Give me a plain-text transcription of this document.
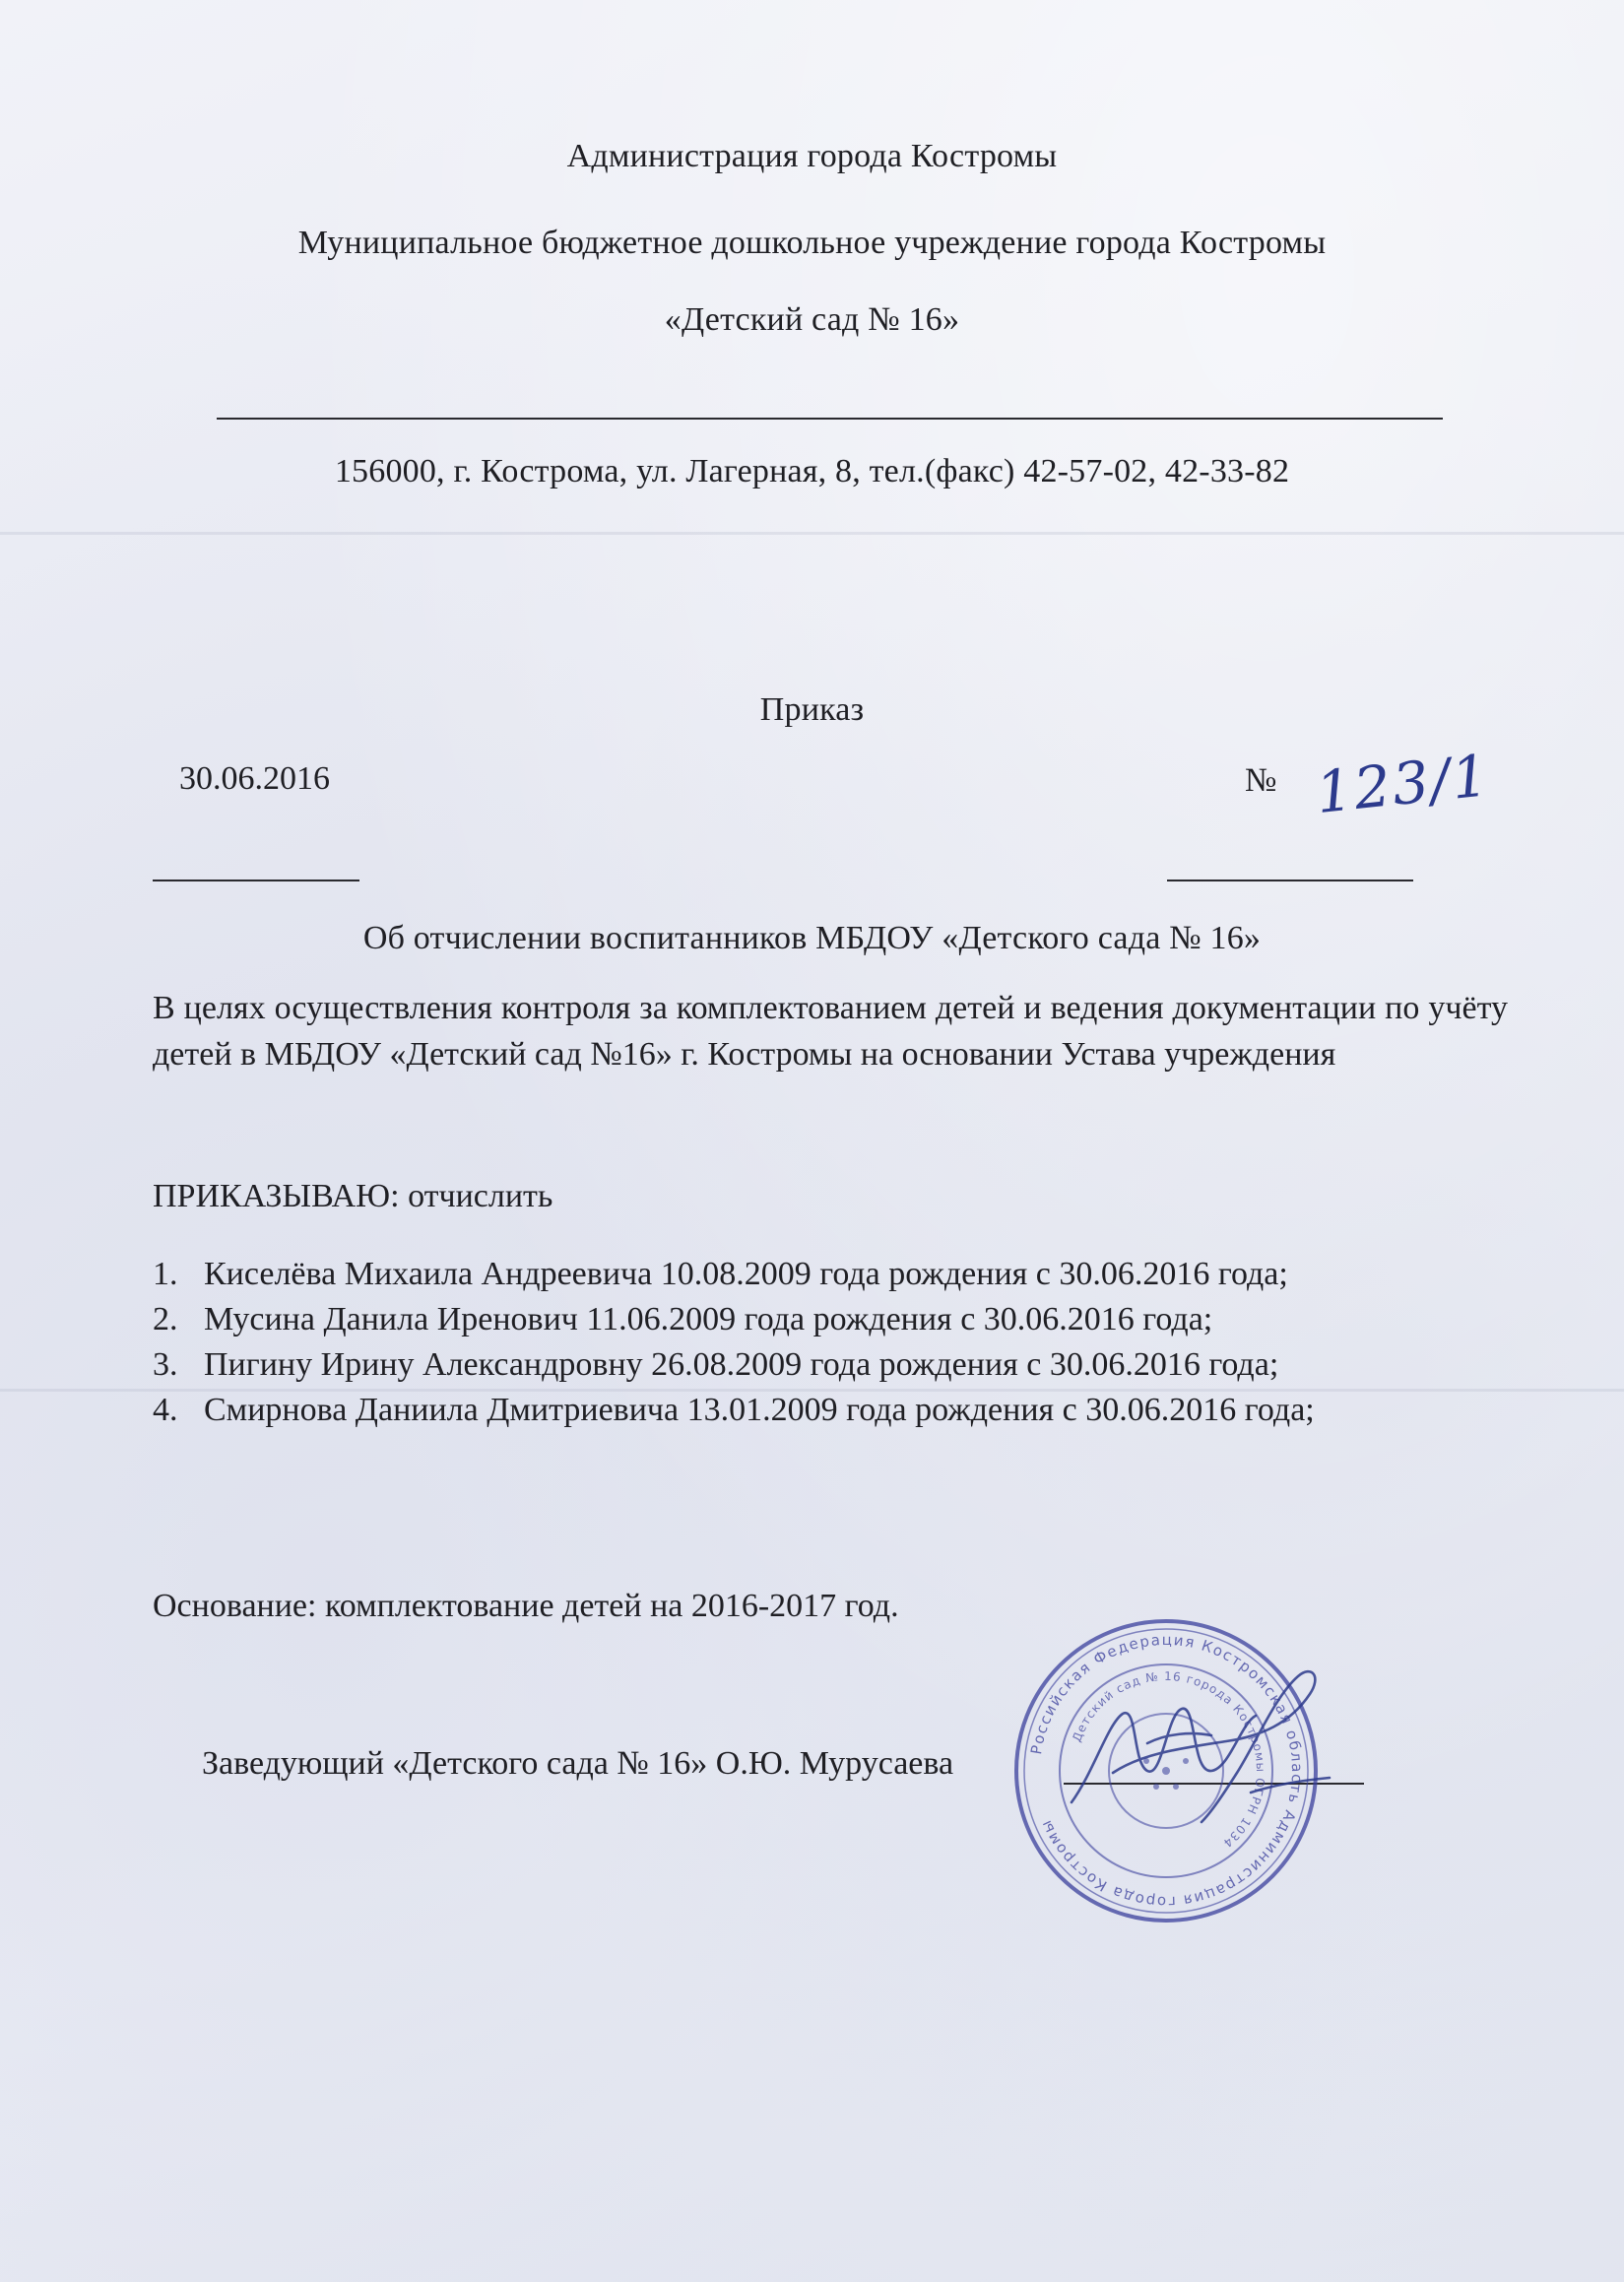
Администрация города Костромы
Муниципальное бюджетное дошкольное учреждение города Костромы
«Детский сад № 16»
156000, г. Кострома, ул. Лагерная, 8, тел.(факс) 42-57-02, 42-33-82
Приказ
30.06.2016	№ 123/1
Об отчислении воспитанников МБДОУ «Детского сада № 16»
В целях осуществления контроля за комплектованием детей и ведения документации по учёту детей в МБДОУ «Детский сад №16» г. Костромы на основании Устава учреждения
ПРИКАЗЫВАЮ: отчислить
1. Киселёва Михаила Андреевича 10.08.2009 года рождения с 30.06.2016 года;
2. Мусина Данила Иренович 11.06.2009 года рождения с 30.06.2016 года;
3. Пигину Ирину Александровну 26.08.2009 года рождения с 30.06.2016 года;
4. Смирнова Даниила Дмитриевича 13.01.2009 года рождения с 30.06.2016 года;
Основание: комплектование детей на 2016-2017 год.
Заведующий «Детского сада № 16» О.Ю. Мурусаева	Российская Федерация Костромская область Администрация города Костромы
Детский сад № 16 города Костромы ОГРН 1034
